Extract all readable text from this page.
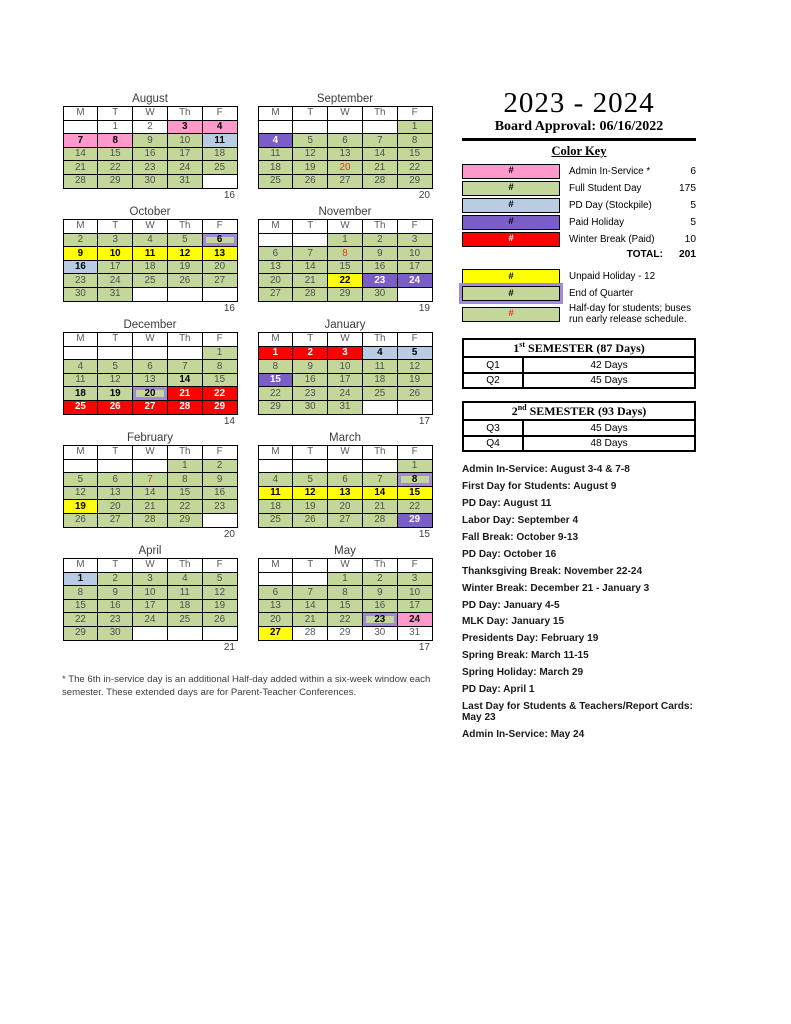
August
M	T	W	Th	F
	1	2	3	4
7	8	9	10	11
14	15	16	17	18
21	22	23	24	25
28	29	30	31	
16
September
M	T	W	Th	F
				1
4	5	6	7	8
11	12	13	14	15
18	19	20	21	22
25	26	27	28	29
20
October
M	T	W	Th	F
2	3	4	5	6
9	10	11	12	13
16	17	18	19	20
23	24	25	26	27
30	31			
16
November
M	T	W	Th	F
		1	2	3
6	7	8	9	10
13	14	15	16	17
20	21	22	23	24
27	28	29	30	
19
December
M	T	W	Th	F
				1
4	5	6	7	8
11	12	13	14	15
18	19	20	21	22
25	26	27	28	29
14
January
M	T	W	Th	F
1	2	3	4	5
8	9	10	11	12
15	16	17	18	19
22	23	24	25	26
29	30	31		
17
February
M	T	W	Th	F
			1	2
5	6	7	8	9
12	13	14	15	16
19	20	21	22	23
26	27	28	29	
20
March
M	T	W	Th	F
				1
4	5	6	7	8
11	12	13	14	15
18	19	20	21	22
25	26	27	28	29
15
April
M	T	W	Th	F
1	2	3	4	5
8	9	10	11	12
15	16	17	18	19
22	23	24	25	26
29	30			
21
May
M	T	W	Th	F
		1	2	3
6	7	8	9	10
13	14	15	16	17
20	21	22	23	24
27	28	29	30	31
17
2023 - 2024
Board Approval: 06/16/2022
Color Key
#	Admin In-Service *	6
#	Full Student Day	175
#	PD Day (Stockpile)	5
#	Paid Holiday	5
#	Winter Break (Paid)	10
TOTAL: 201
#	Unpaid Holiday - 12
#	End of Quarter
#
Half-day for students; buses run early release schedule.
1st SEMESTER (87 Days)	
Q1	42 Days
Q2	45 Days
2nd SEMESTER (93 Days)	
Q3	45 Days
Q4	48 Days
Admin In-Service: August 3-4 & 7-8
First Day for Students: August 9
PD Day: August 11
Labor Day: September 4
Fall Break: October 9-13
PD Day: October 16
Thanksgiving Break: November 22-24
Winter Break: December 21 - January 3
PD Day: January 4-5
MLK Day: January 15
Presidents Day: February 19
Spring Break: March 11-15
Spring Holiday: March 29
PD Day: April 1
Last Day for Students & Teachers/Report Cards: May 23
Admin In-Service: May 24
* The 6th in-service day is an additional Half-day added within a six-week window each semester. These extended days are for Parent-Teacher Conferences.
